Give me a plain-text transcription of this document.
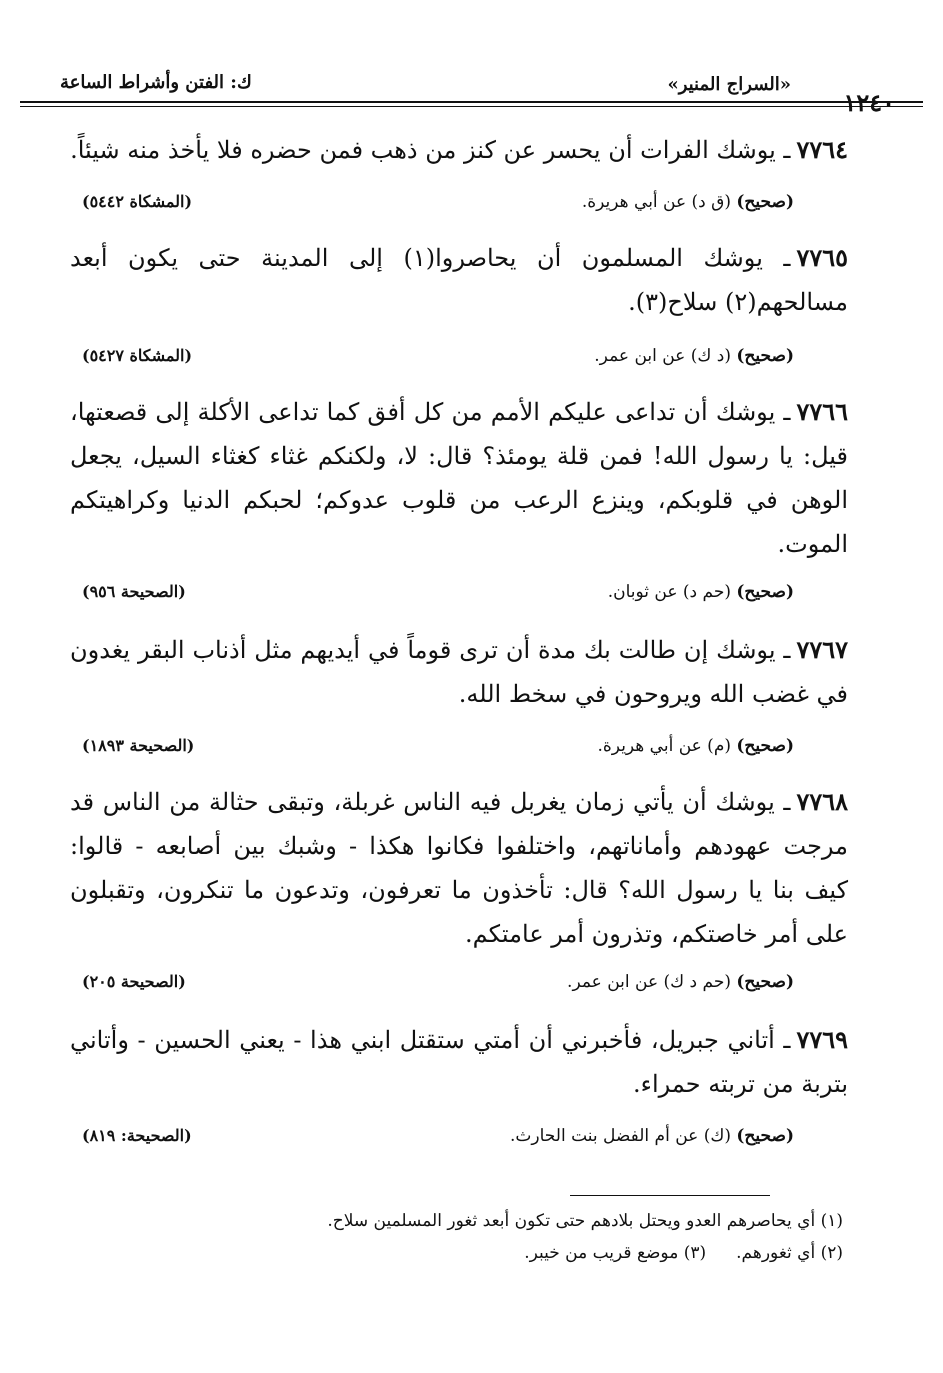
١٢٤٠
«السراج المنير»
ك: الفتن وأشراط الساعة
٧٧٦٤ـ يوشك الفرات أن يحسر عن كنز من ذهب فمن حضره فلا يأخذ منه شيئاً.
(صحيح) (ق د) عن أبي هريرة.
(المشكاة ٥٤٤٢)
٧٧٦٥ـ يوشك المسلمون أن يحاصروا(١) إلى المدينة حتى يكون أبعد مسالحهم(٢) سلاح(٣).
(صحيح) (د ك) عن ابن عمر.
(المشكاة ٥٤٢٧)
٧٧٦٦ـ يوشك أن تداعى عليكم الأمم من كل أفق كما تداعى الأكلة إلى قصعتها، قيل: يا رسول الله! فمن قلة يومئذ؟ قال: لا، ولكنكم غثاء كغثاء السيل، يجعل الوهن في قلوبكم، وينزع الرعب من قلوب عدوكم؛ لحبكم الدنيا وكراهيتكم الموت.
(صحيح) (حم د) عن ثوبان.
(الصحيحة ٩٥٦)
٧٧٦٧ـ يوشك إن طالت بك مدة أن ترى قوماً في أيديهم مثل أذناب البقر يغدون في غضب الله ويروحون في سخط الله.
(صحيح) (م) عن أبي هريرة.
(الصحيحة ١٨٩٣)
٧٧٦٨ـ يوشك أن يأتي زمان يغربل فيه الناس غربلة، وتبقى حثالة من الناس قد مرجت عهودهم وأماناتهم، واختلفوا فكانوا هكذا - وشبك بين أصابعه - قالوا: كيف بنا يا رسول الله؟ قال: تأخذون ما تعرفون، وتدعون ما تنكرون، وتقبلون على أمر خاصتكم، وتذرون أمر عامتكم.
(صحيح) (حم د ك) عن ابن عمر.
(الصحيحة ٢٠٥)
٧٧٦٩ـ أتاني جبريل، فأخبرني أن أمتي ستقتل ابني هذا - يعني الحسين - وأتاني بتربة من تربته حمراء.
(صحيح) (ك) عن أم الفضل بنت الحارث.
(الصحيحة: ٨١٩)
(١) أي يحاصرهم العدو ويحتل بلادهم حتى تكون أبعد ثغور المسلمين سلاح.
(٢) أي ثغورهم.(٣) موضع قريب من خيبر.
